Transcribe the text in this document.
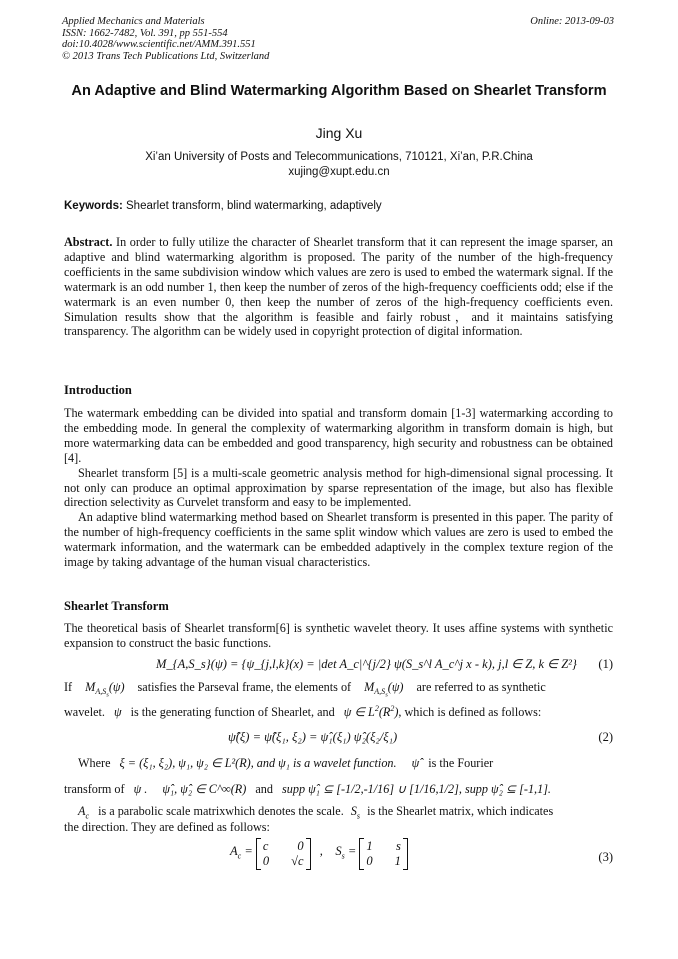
Applied Mechanics and Materials
ISSN: 1662-7482, Vol. 391, pp 551-554
doi:10.4028/www.scientific.net/AMM.391.551
© 2013 Trans Tech Publications Ltd, Switzerland
Online: 2013-09-03
An Adaptive and Blind Watermarking Algorithm Based on Shearlet Transform
Jing Xu
Xi’an University of Posts and Telecommunications, 710121, Xi’an, P.R.China
xujing@xupt.edu.cn
Keywords: Shearlet transform, blind watermarking, adaptively

Abstract. In order to fully utilize the character of Shearlet transform that it can represent the image sparser, an adaptive and blind watermarking algorithm is proposed. The parity of the number of the high-frequency coefficients in the same subdivision window which values are zero is used to embed the watermark signal. If the watermark is an odd number 1, then keep the number of zeros of the high-frequency coefficients odd; else if the watermark is an even number 0, then keep the number of zeros of the high-frequency coefficients even. Simulation results show that the algorithm is feasible and fairly robust，and it maintains satisfying transparency. The algorithm can be widely used in copyright protection of digital information.

Introduction

The watermark embedding can be divided into spatial and transform domain [1-3] watermarking according to the embedding mode. In general the complexity of watermarking algorithm in transform domain is high, but more watermarking data can be embedded and good transparency, high security and robustness can be obtained [4].

Shearlet transform [5] is a multi-scale geometric analysis method for high-dimensional signal processing. It not only can produce an optimal approximation by sparse representation of the image, but also has flexible direction selectivity as Curvelet transform and easy to be implemented.

An adaptive blind watermarking method based on Shearlet transform is presented in this paper. The parity of the number of high-frequency coefficients in the same split window which values are zero is used to embed the watermark information, and the watermark can be embedded adaptively in the complex texture region of the image by taking advantage of the human visual characteristics.

Shearlet Transform
The theoretical basis of Shearlet transform[6] is synthetic wavelet theory. It uses affine systems with synthetic expansion to construct the basic functions.
M_{A,S_s}(ψ) = {ψ_{j,l,k}(x) = |det A_c|^{j/2} ψ(S_s^l A_c^j x - k), j,l ∈ Z, k ∈ Z²} (1)
If $M_{A,S_s}(\psi)$ satisfies the Parseval frame, the elements of $M_{A,S_s}(\psi)$ are referred to as synthetic
wavelet. ψ is the generating function of Shearlet, and ψ ∈ $L^2(R^2)$, which is defined as follows:
ψ̂(ξ) = ψ̂(ξ₁, ξ₂) = ψ̂₁(ξ₁) ψ̂₂(ξ₂/ξ₁)	(2)
Where ξ = (ξ₁, ξ₂), ψ₁, ψ₂ ∈ L²(R), and ψ₁ is a wavelet function. ψ̂ is the Fourier
transform of ψ . ψ̂₁, ψ̂₂ ∈ C^∞(R) and supp ψ̂₁ ⊆ [-1/2,-1/16] ∪ [1/16,1/2], supp ψ̂₂ ⊆ [-1,1].
$A_c$ is a parabolic scale matrixwhich denotes the scale. $S_s$ is the Shearlet matrix, which indicates
the direction. They are defined as follows:
$A_c = c$ 0
0 √c
,    $S_s = 1$ s
0 1	(3)
